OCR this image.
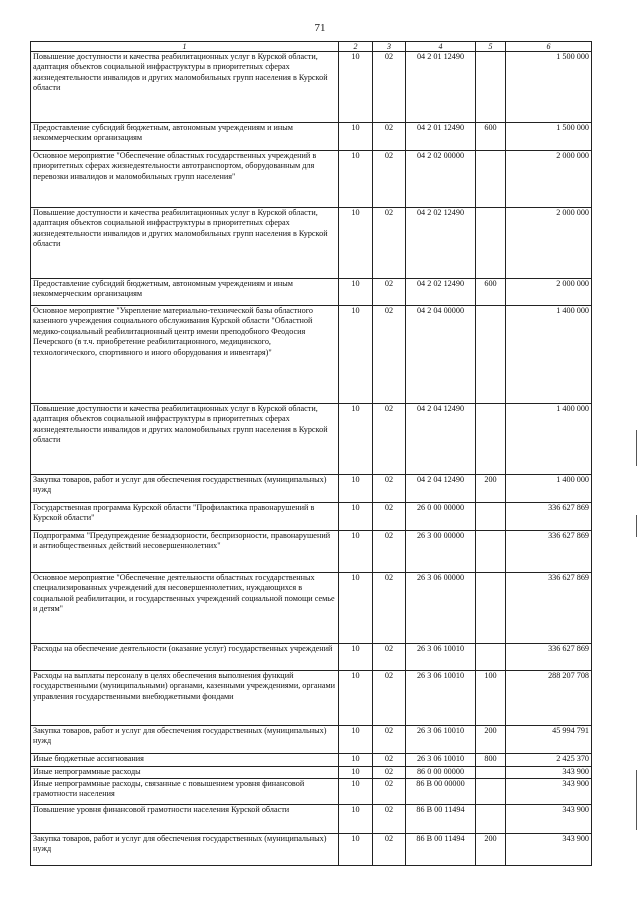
71
1	2	3	4	5	6
Повышение доступности и качества реабилитационных услуг в Курской области, адаптация объектов социальной инфраструктуры в приоритетных сферах жизнедеятельности инвалидов и других маломобильных групп населения в Курской области	10	02	04 2 01 12490		1 500 000
Предоставление субсидий бюджетным, автономным учреждениям и иным некоммерческим организациям	10	02	04 2 01 12490	600	1 500 000
Основное мероприятие "Обеспечение областных государственных учреждений в приоритетных сферах жизнедеятельности автотранспортом, оборудованным для перевозки инвалидов и маломобильных групп населения"	10	02	04 2 02 00000		2 000 000
Повышение доступности и качества реабилитационных услуг в Курской области, адаптация объектов социальной инфраструктуры в приоритетных сферах жизнедеятельности инвалидов и других маломобильных групп населения в Курской области	10	02	04 2 02 12490		2 000 000
Предоставление субсидий бюджетным, автономным учреждениям и иным некоммерческим организациям	10	02	04 2 02 12490	600	2 000 000
Основное мероприятие "Укрепление материально-технической базы областного казенного учреждения социального обслуживания Курской области "Областной медико-социальный реабилитационный центр имени преподобного Феодосия Печерского (в т.ч. приобретение реабилитационного, медицинского, технологического, спортивного и иного оборудования и инвентаря)"	10	02	04 2 04 00000		1 400 000
Повышение доступности и качества реабилитационных услуг в Курской области, адаптация объектов социальной инфраструктуры в приоритетных сферах жизнедеятельности инвалидов и других маломобильных групп населения в Курской области	10	02	04 2 04 12490		1 400 000
Закупка товаров, работ и услуг для обеспечения государственных (муниципальных) нужд	10	02	04 2 04 12490	200	1 400 000
Государственная программа Курской области "Профилактика правонарушений в Курской области"	10	02	26 0 00 00000		336 627 869
Подпрограмма "Предупреждение безнадзорности, беспризорности, правонарушений и антиобщественных действий несовершеннолетних"	10	02	26 3 00 00000		336 627 869
Основное мероприятие "Обеспечение деятельности областных государственных специализированных учреждений для несовершеннолетних, нуждающихся в социальной реабилитации, и государственных учреждений социальной помощи семье и детям"	10	02	26 3 06 00000		336 627 869
Расходы на обеспечение деятельности (оказание услуг) государственных учреждений	10	02	26 3 06 10010		336 627 869
Расходы на выплаты персоналу в целях обеспечения выполнения функций государственными (муниципальными) органами, казенными учреждениями, органами управления государственными внебюджетными фондами	10	02	26 3 06 10010	100	288 207 708
Закупка товаров, работ и услуг для обеспечения государственных (муниципальных) нужд	10	02	26 3 06 10010	200	45 994 791
Иные бюджетные ассигнования	10	02	26 3 06 10010	800	2 425 370
Иные непрограммные расходы	10	02	86 0 00 00000		343 900
Иные непрограммные расходы, связанные с повышением уровня финансовой грамотности населения	10	02	86 В 00 00000		343 900
Повышение уровня финансовой грамотности населения Курской области	10	02	86 В 00 11494		343 900
Закупка товаров, работ и услуг для обеспечения государственных (муниципальных) нужд	10	02	86 В 00 11494	200	343 900
